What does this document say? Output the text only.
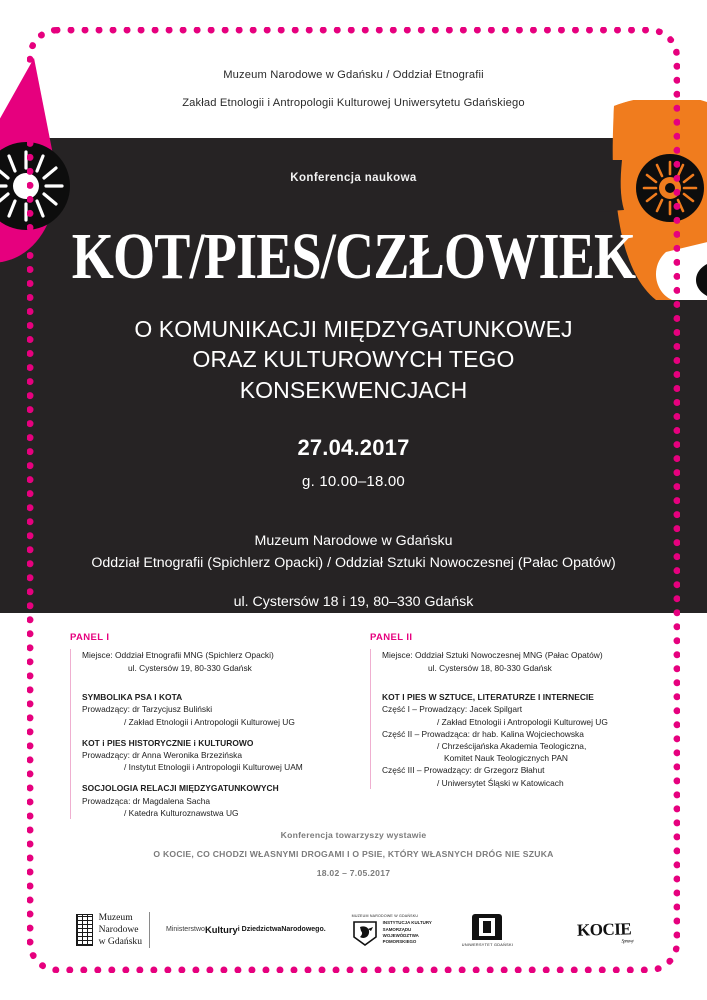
Muzeum Narodowe w Gdańsku / Oddział Etnografii
Zakład Etnologii i Antropologii Kulturowej Uniwersytetu Gdańskiego
Konferencja naukowa
KOT/PIES/CZŁOWIEK
O KOMUNIKACJI MIĘDZYGATUNKOWEJ
ORAZ KULTUROWYCH TEGO
KONSEKWENCJACH
27.04.2017
g. 10.00–18.00
Muzeum Narodowe w Gdańsku
Oddział Etnografii (Spichlerz Opacki) / Oddział Sztuki Nowoczesnej (Pałac Opatów)
ul. Cystersów 18 i 19, 80–330 Gdańsk
PANEL I
Miejsce: Oddział Etnografii MNG (Spichlerz Opacki)
ul. Cystersów 19, 80-330 Gdańsk
SYMBOLIKA PSA I KOTA
Prowadzący: dr Tarzycjusz Buliński
/ Zakład Etnologii i Antropologii Kulturowej UG
KOT i PIES HISTORYCZNIE i KULTUROWO
Prowadzący: dr Anna Weronika Brzezińska
/ Instytut Etnologii i Antropologii Kulturowej UAM
SOCJOLOGIA RELACJI MIĘDZYGATUNKOWYCH
Prowadząca: dr Magdalena Sacha
/ Katedra Kulturoznawstwa UG
PANEL II
Miejsce: Oddział Sztuki Nowoczesnej MNG (Pałac Opatów)
ul. Cystersów 18, 80-330 Gdańsk
KOT I PIES W SZTUCE, LITERATURZE I INTERNECIE
Część I – Prowadzący: Jacek Spilgart
/ Zakład Etnologii i Antropologii Kulturowej UG
Część II – Prowadząca: dr hab. Kalina Wojciechowska
/ Chrześcijańska Akademia Teologiczna,
Komitet Nauk Teologicznych PAN
Część III – Prowadzący: dr Grzegorz Błahut
/ Uniwersytet Śląski w Katowicach
Konferencja towarzyszy wystawie
O KOCIE, CO CHODZI WŁASNYMI DROGAMI I O PSIE, KTÓRY WŁASNYCH DRÓG NIE SZUKA
18.02 – 7.05.2017
Muzeum
Narodowe
w Gdańsku
Ministerstwo Kultury i Dziedzictwa Narodowego.
MUZEUM NARODOWE W GDAŃSKU
INSTYTUCJA KULTURY
SAMORZĄDU
WOJEWÓDZTWA
POMORSKIEGO
UNIWERSYTET GDAŃSKI
KOCIE
Sprawy
